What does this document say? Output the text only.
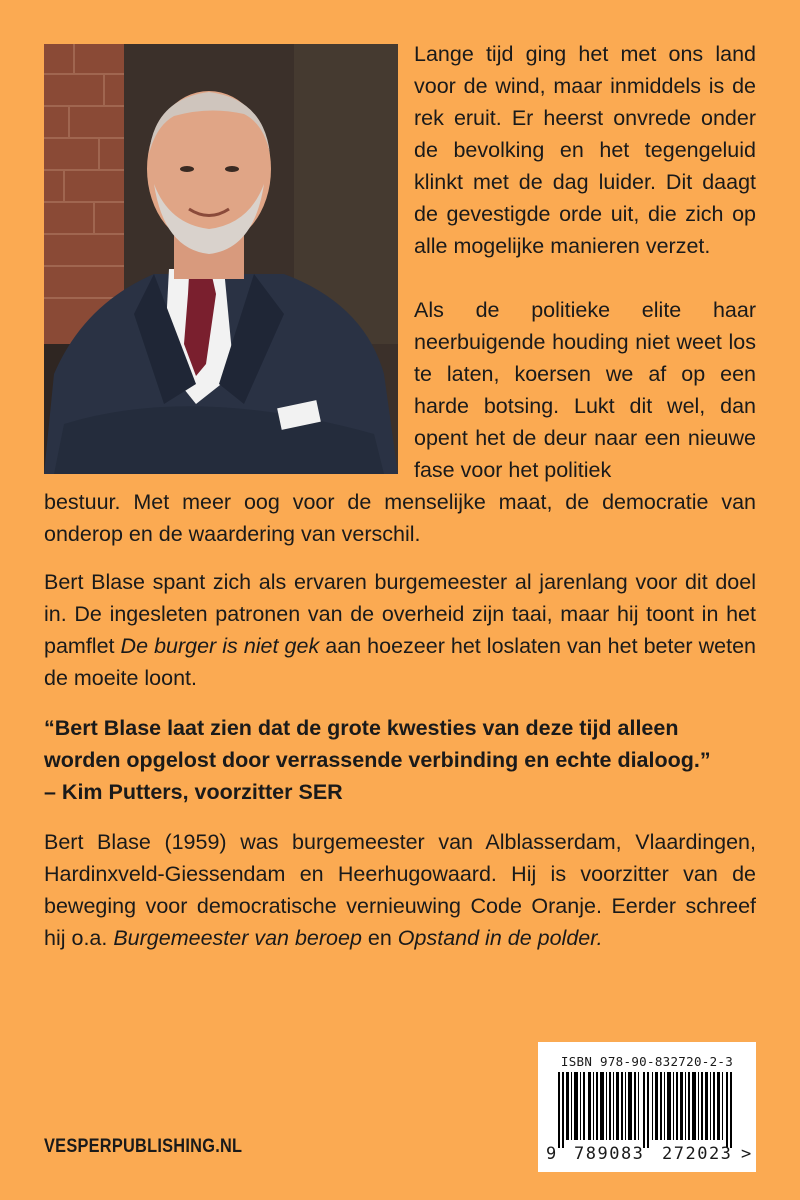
Lange tijd ging het met ons land voor de wind, maar inmiddels is de rek eruit. Er heerst onvrede onder de bevolking en het tegengeluid klinkt met de dag luider. Dit daagt de gevestigde orde uit, die zich op alle mogelijke manieren verzet.

Als de politieke elite haar neerbuigende houding niet weet los te laten, koersen we af op een harde botsing. Lukt dit wel, dan opent het de deur naar een nieuwe fase voor het politiek

bestuur. Met meer oog voor de menselijke maat, de democratie van onderop en de waardering van verschil.

Bert Blase spant zich als ervaren burgemeester al jarenlang voor dit doel in. De ingesleten patronen van de overheid zijn taai, maar hij toont in het pamflet De burger is niet gek aan hoezeer het loslaten van het beter weten de moeite loont.

“Bert Blase laat zien dat de grote kwesties van deze tijd alleen worden opgelost door verrassende verbinding en echte dialoog.”
– Kim Putters, voorzitter SER

Bert Blase (1959) was burgemeester van Alblasserdam, Vlaardingen, Hardinxveld-Giessendam en Heerhugowaard. Hij is voorzitter van de beweging voor democratische vernieuwing Code Oranje. Eerder schreef hij o.a. Burgemeester van beroep en Opstand in de polder.

ISBN 978-90-832720-2-3
9 789083 272023 >
VESPERPUBLISHING.NL
